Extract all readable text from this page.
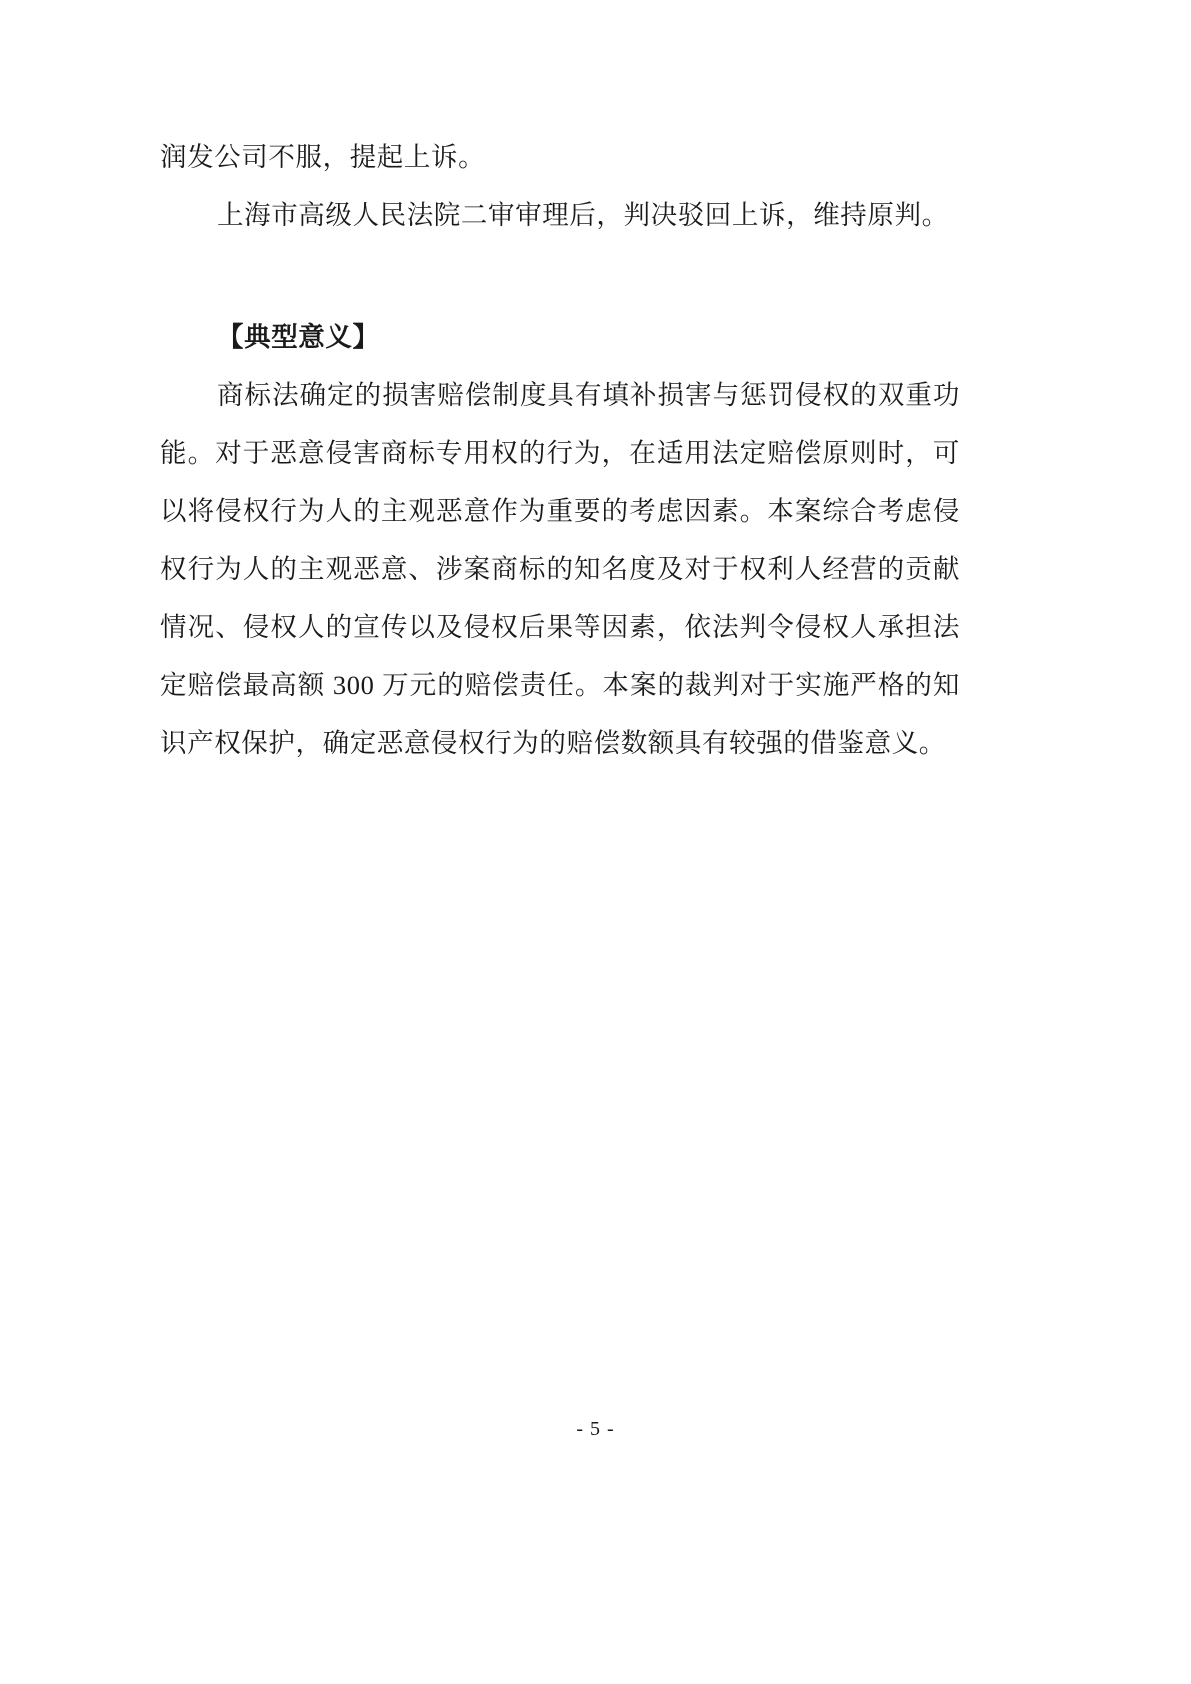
润发公司不服，提起上诉。

上海市高级人民法院二审审理后，判决驳回上诉，维持原判。

【典型意义】

商标法确定的损害赔偿制度具有填补损害与惩罚侵权的双重功能。对于恶意侵害商标专用权的行为，在适用法定赔偿原则时，可以将侵权行为人的主观恶意作为重要的考虑因素。本案综合考虑侵权行为人的主观恶意、涉案商标的知名度及对于权利人经营的贡献情况、侵权人的宣传以及侵权后果等因素，依法判令侵权人承担法定赔偿最高额 300 万元的赔偿责任。本案的裁判对于实施严格的知识产权保护，确定恶意侵权行为的赔偿数额具有较强的借鉴意义。

- 5 -
